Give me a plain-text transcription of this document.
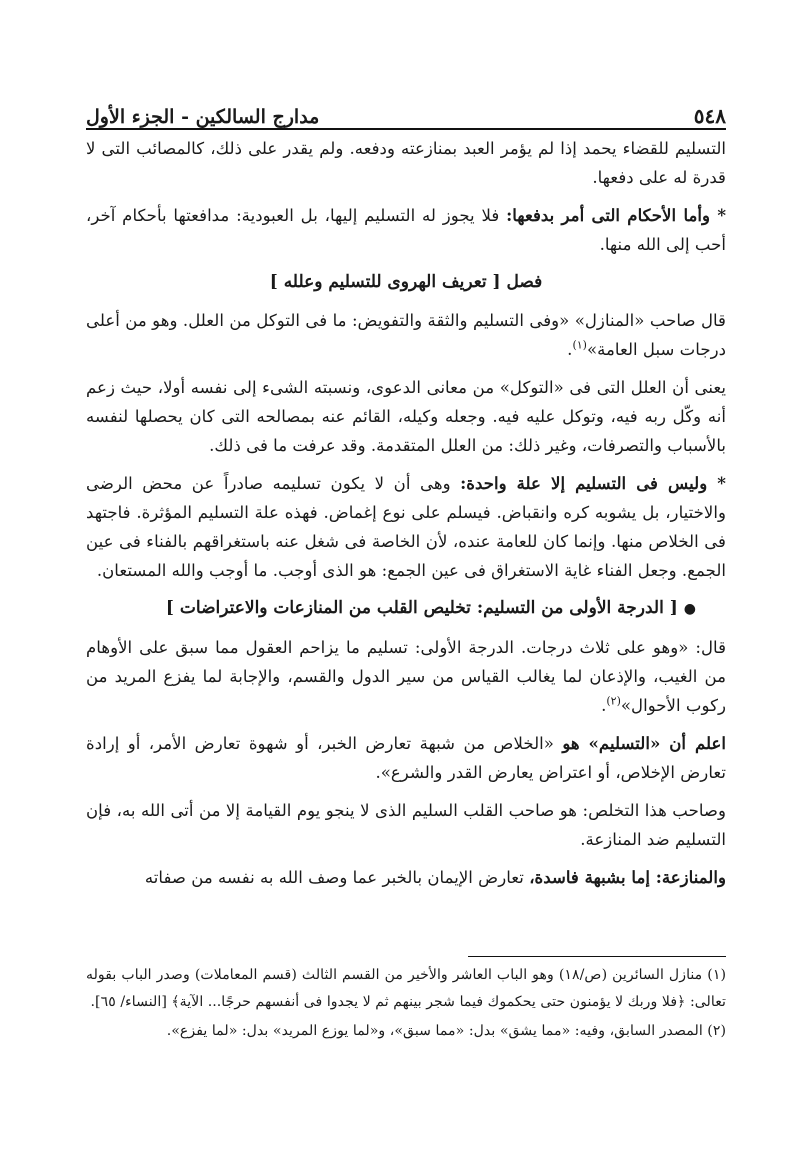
٥٤٨
مدارج السالكين - الجزء الأول

التسليم للقضاء يحمد إذا لم يؤمر العبد بمنازعته ودفعه. ولم يقدر على ذلك، كالمصائب التى لا قدرة له على دفعها.

* وأما الأحكام التى أمر بدفعها: فلا يجوز له التسليم إليها، بل العبودية: مدافعتها بأحكام آخر، أحب إلى الله منها.

فصل [ تعريف الهروى للتسليم وعلله ]

قال صاحب «المنازل» «وفى التسليم والثقة والتفويض: ما فى التوكل من العلل. وهو من أعلى درجات سبل العامة»$^{(١)}$.

يعنى أن العلل التى فى «التوكل» من معانى الدعوى، ونسبته الشىء إلى نفسه أولا، حيث زعم أنه وكّل ربه فيه، وتوكل عليه فيه. وجعله وكيله، القائم عنه بمصالحه التى كان يحصلها لنفسه بالأسباب والتصرفات، وغير ذلك: من العلل المتقدمة. وقد عرفت ما فى ذلك.

* وليس فى التسليم إلا علة واحدة: وهى أن لا يكون تسليمه صادراً عن محض الرضى والاختيار، بل يشوبه كره وانقباض. فيسلم على نوع إغماض. فهذه علة التسليم المؤثرة. فاجتهد فى الخلاص منها. وإنما كان للعامة عنده، لأن الخاصة فى شغل عنه باستغراقهم بالفناء فى عين الجمع. وجعل الفناء غاية الاستغراق فى عين الجمع: هو الذى أوجب. ما أوجب والله المستعان.

●[ الدرجة الأولى من التسليم: تخليص القلب من المنازعات والاعتراضات ]

قال: «وهو على ثلاث درجات. الدرجة الأولى: تسليم ما يزاحم العقول مما سبق على الأوهام من الغيب، والإذعان لما يغالب القياس من سير الدول والقسم، والإجابة لما يفزع المريد من ركوب الأحوال»$^{(٢)}$.

اعلم أن «التسليم» هو «الخلاص من شبهة تعارض الخبر، أو شهوة تعارض الأمر، أو إرادة تعارض الإخلاص، أو اعتراض يعارض القدر والشرع».

وصاحب هذا التخلص: هو صاحب القلب السليم الذى لا ينجو يوم القيامة إلا من أتى الله به، فإن التسليم ضد المنازعة.

والمنازعة: إما بشبهة فاسدة، تعارض الإيمان بالخبر عما وصف الله به نفسه من صفاته

(١) منازل السائرين (ص/١٨) وهو الباب العاشر والأخير من القسم الثالث (قسم المعاملات) وصدر الباب بقوله تعالى: ﴿فلا وربك لا يؤمنون حتى يحكموك فيما شجر بينهم ثم لا يجدوا فى أنفسهم حرجًا... الآية﴾ [النساء/ ٦٥].

(٢) المصدر السابق، وفيه: «مما يشق» بدل: «مما سبق»، و«لما يوزع المريد» بدل: «لما يفزع».
